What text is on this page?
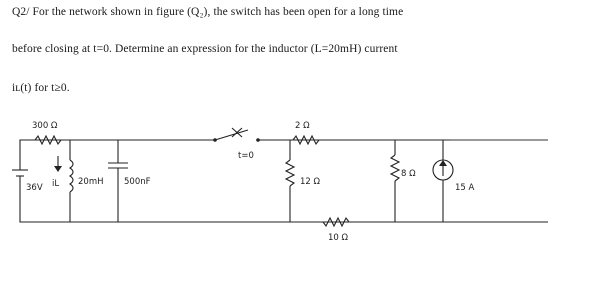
Q2/ For the network shown in figure (Q₂), the switch has been open for a long time
before closing at t=0. Determine an expression for the inductor (L=20mH) current
iʟ(t) for t≥0.
36V
300 Ω
20mH
iL	500nF
t=0
2 Ω
12 Ω
8 Ω
10 Ω
15 A
